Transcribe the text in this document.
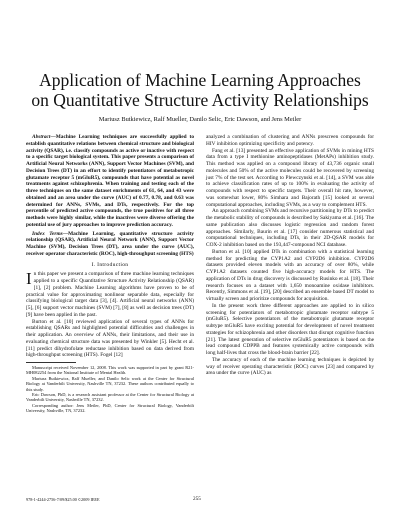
Application of Machine Learning Approaches
on Quantitative Structure Activity Relationships
Mariusz Butkiewicz, Ralf Mueller, Danilo Selic, Eric Dawson, and Jens Meiler

Abstract—Machine Learning techniques are successfully applied to establish quantitative relations between chemical structure and biological activity (QSAR), i.e. classify compounds as active or inactive with respect to a specific target biological system. This paper presents a comparison of Artificial Neural Networks (ANN), Support Vector Machines (SVM), and Decision Trees (DT) in an effort to identify potentiators of metabotropic glutamate receptor 5 (mGluR5), compounds that have potential as novel treatments against schizophrenia. When training and testing each of the three techniques on the same dataset enrichments of 61, 64, and 43 were obtained and an area under the curve (AUC) of 0.77, 0.78, and 0.63 was determined for ANNs, SVMs, and DTs, respectively. For the top percentile of predicted active compounds, the true positives for all three methods were highly similar, while the inactives were diverse offering the potential use of jury approaches to improve prediction accuracy.

Index Terms—Machine Learning, quantitative structure activity relationship (QSAR), Artificial Neural Network (ANN), Support Vector Machine (SVM), Decision Trees (DT), area under the curve (AUC), receiver operator characteristic (ROC), high-throughput screening (HTS)

I. Introduction

In this paper we present a comparison of three machine learning techniques applied to a specific Quantitative Structure Activity Relationship (QSAR) [1], [2] problem. Machine Learning algorithms have proven to be of practical value for approximating nonlinear separable data, especially for classifying biological target data [3], [4]. Artificial neural networks (ANN) [5], [6] support vector machines (SVM) [7], [8] as well as decision trees (DT) [9] have been applied in the past.

Burton et al. [10] reviewed application of several types of ANNs for establishing QSARs and highlighted potential difficulties and challenges in their application. An overview of ANNs, their limitations, and their use in evaluating chemical structure data was presented by Winkler [5]. Hecht et al. [11] predict dihydrofolate reductase inhibition based on data derived from high-throughput screening (HTS). Fogel [12]

Manuscript received November 12, 2008. This work was supported in part by grant R21-MH082254 from the National Institute of Mental Health.

Mariusz Butkiewicz, Ralf Mueller, and Danilo Selic work at the Center for Structural Biology at Vanderbilt University, Nashville TN, 37232. These authors contributed equally to this study.

Eric Dawson, PhD, is a research assistant professor at the Center for Structural Biology at Vanderbilt University, Nashville TN, 37232.

Corresponding author: Jens Meiler, PhD, Center for Structural Biology, Vanderbilt University, Nashville, TN, 37232.

analyzed a combination of clustering and ANNs prescreen compounds for HIV inhibition optimizing specificity and potency.

Fang et al. [13] presented an effective application of SVMs in mining HTS data from a type I methionine aminopeptidases (MetAPs) inhibition study. This method was applied on a compound library of 43,736 organic small molecules and 50% of the active molecules could be recovered by screening just 7% of the test set. According to Plewczynski et al. [14], a SVM was able to achieve classification rates of up to 100% in evaluating the activity of compounds with respect to specific targets. Their overall hit rate, however, was somewhat lower, 80% Simhara and Bajorath [15] looked at several computational approaches, including SVMs, as a way to complement HTS.

An approach combining SVMs and recursive partitioning by DTs to predict the metabolic stability of compounds is described by Sakiyama et al. [16]. The same publication also discusses logistic regression and random forest approaches. Similarly, Baurin et al. [17] consider numerous statistical and computational techniques, including DTs, in their 2D-QSAR models for COX-2 inhibition based on the 193,447-compound NCI database.

Burton et al. [10] applied DTs in combination with a statistical learning method for predicting the CYP1A2 and CYP2D6 inhibition. CYP2D6 datasets provided eleven models with an accuracy of over 80%, while CYP1A2 datasets counted five high-accuracy models for HTS. The application of DTs in drug discovery is discussed by Rusinko et al. [18]. Their research focuses on a dataset with 1,650 monoamine oxidase inhibitors. Recently, Simmons et al. [19], [20] described an ensemble based DT model to virtually screen and prioritize compounds for acquisition.

In the present work three different approaches are applied to in silico screening for potentiators of metabotropic glutamate receptor subtype 5 (mGluR5). Selective potentiators of the metabotropic glutamate receptor subtype mGluR5 have exciting potential for development of novel treatment strategies for schizophrenia and other disorders that disrupt cognitive function [21]. The latest generation of selective mGluR5 potentiators is based on the lead compound CDPPB and features systemically active compounds with long half-lives that cross the blood-brain barrier [22].

The accuracy of each of the machine learning techniques is depicted by way of receiver operating characteristic (ROC) curves [23] and compared by area under the curve (AUC) as

978-1-4244-2756-7/09/$25.00 ©2009 IEEE	255
